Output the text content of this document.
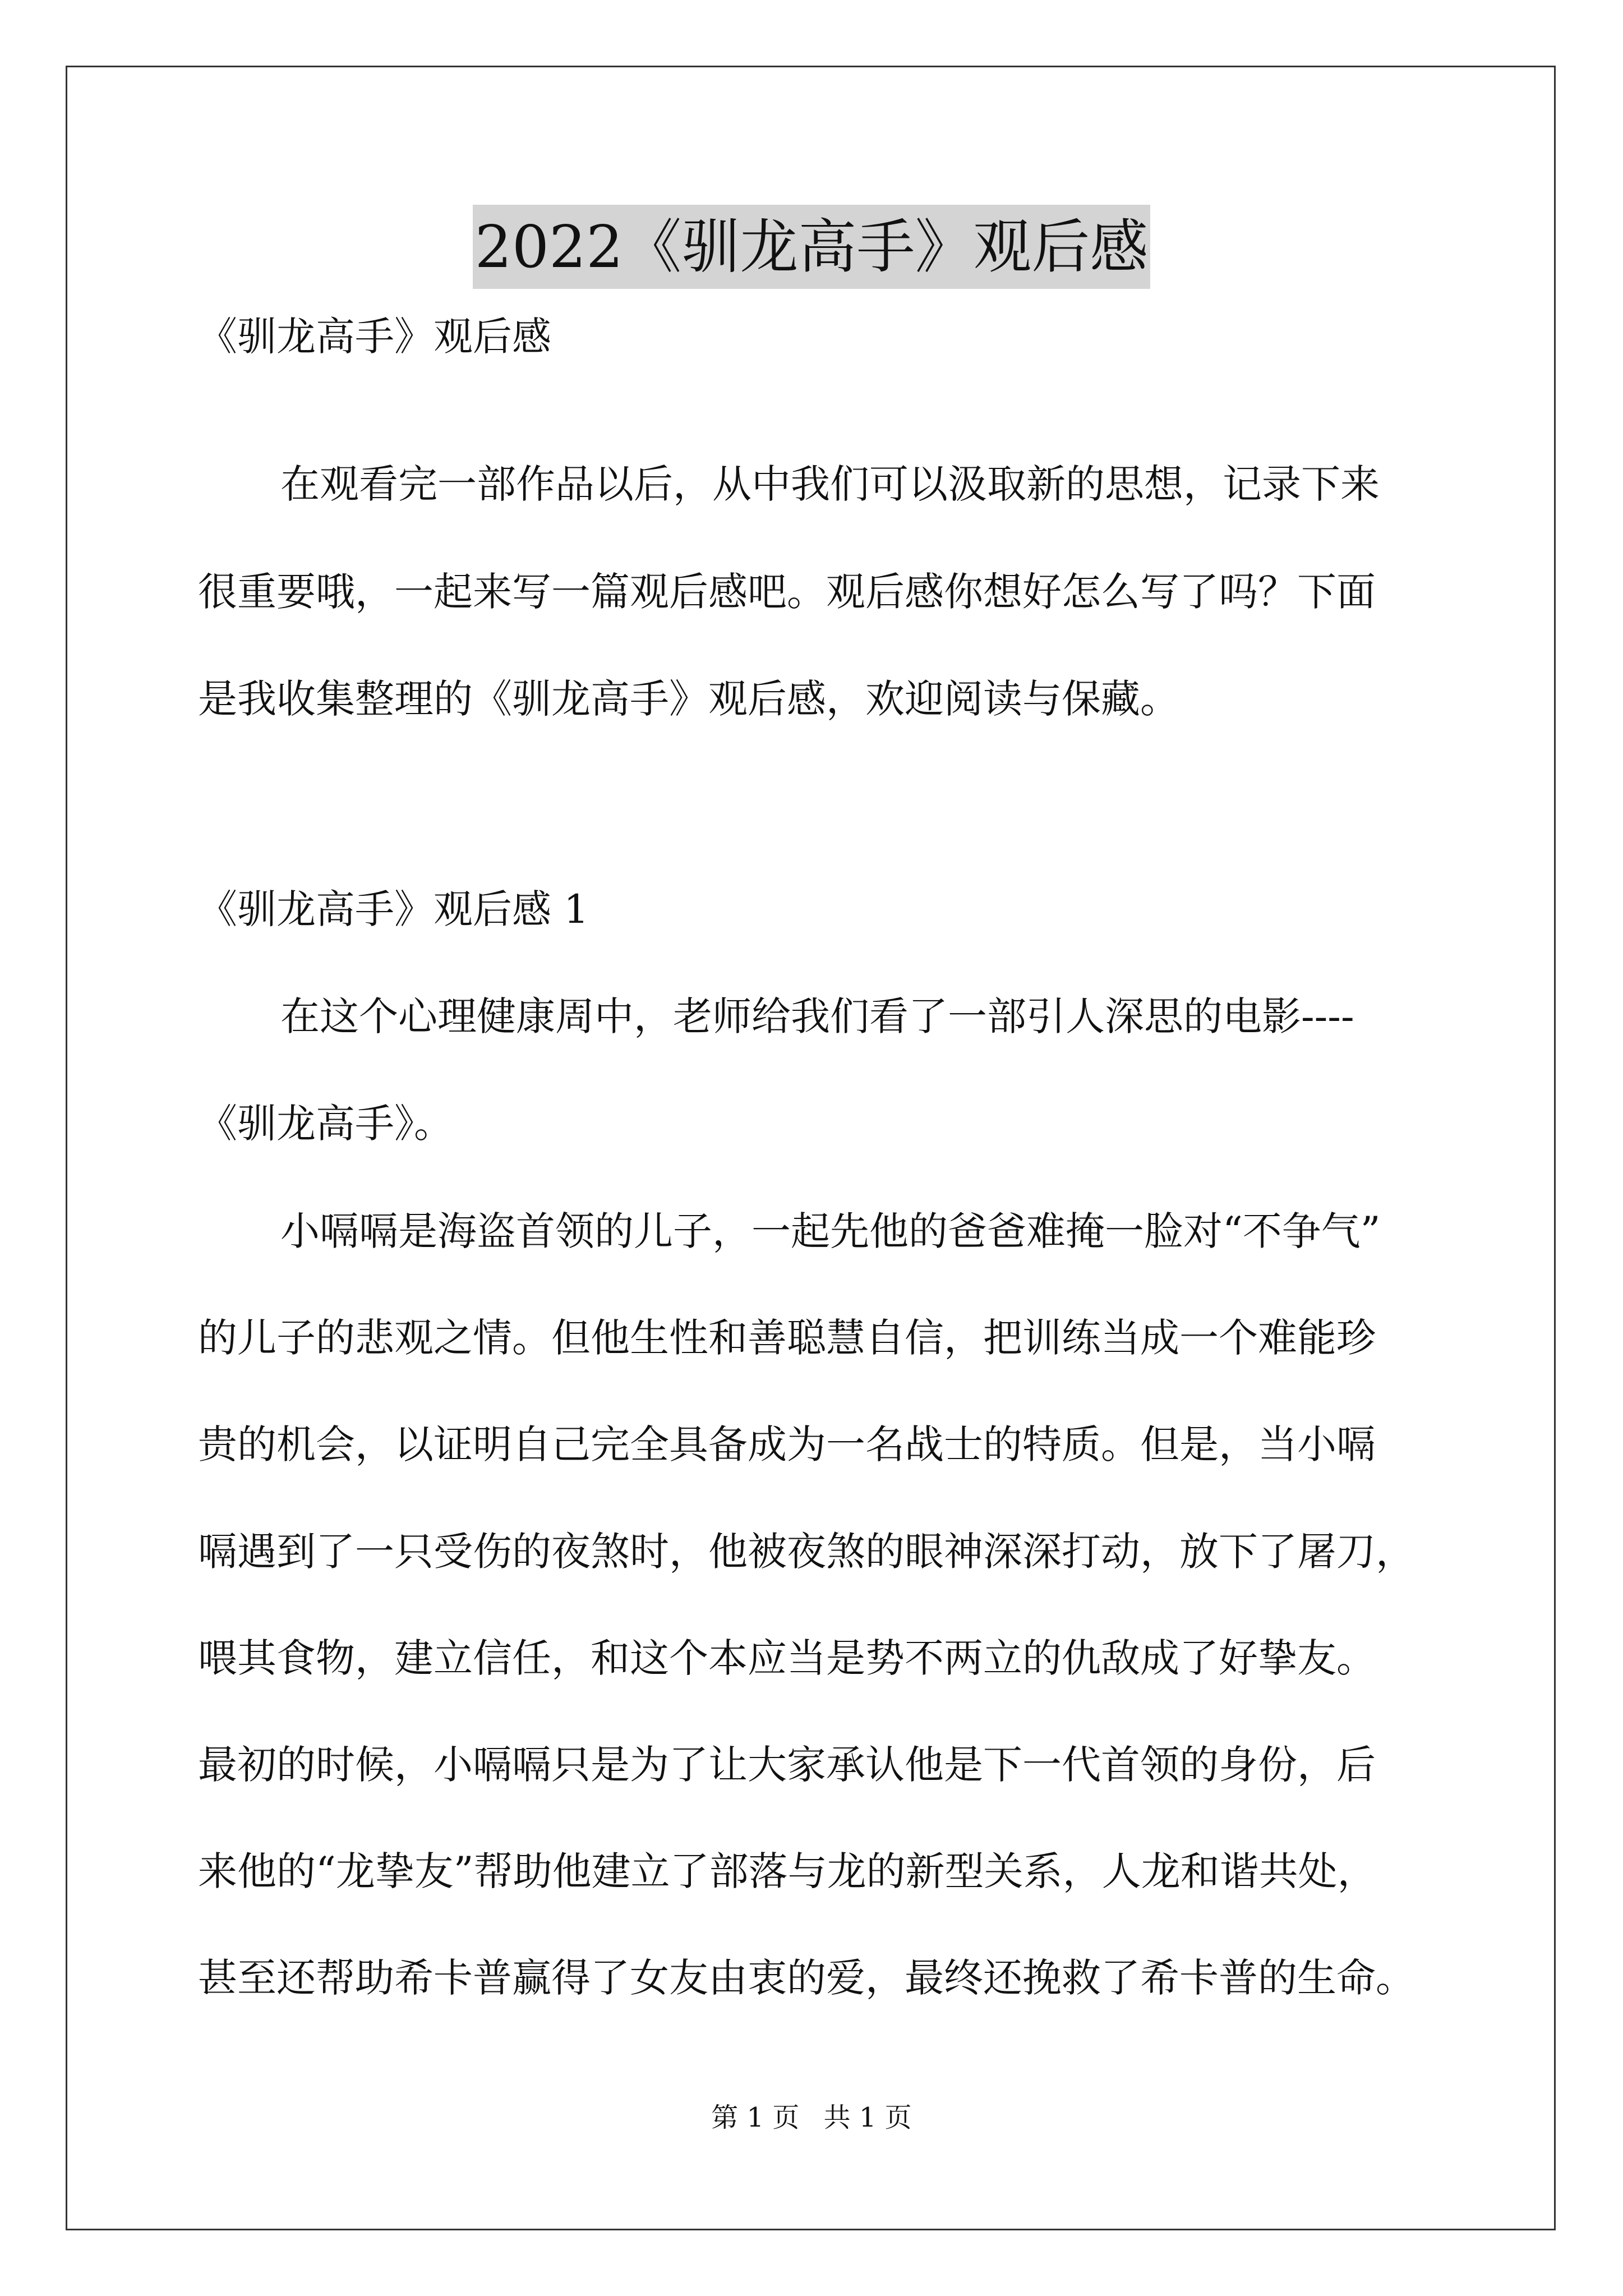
2022《驯龙高手》观后感
《驯龙高手》观后感
在观看完一部作品以后，从中我们可以汲取新的思想，记录下来
很重要哦，一起来写一篇观后感吧。观后感你想好怎么写了吗？下面
是我收集整理的《驯龙高手》观后感，欢迎阅读与保藏。
《驯龙高手》观后感 1
在这个心理健康周中，老师给我们看了一部引人深思的电影----
《驯龙高手》。
小嗝嗝是海盗首领的儿子，一起先他的爸爸难掩一脸对“不争气”
的儿子的悲观之情。但他生性和善聪慧自信，把训练当成一个难能珍
贵的机会，以证明自己完全具备成为一名战士的特质。但是，当小嗝
嗝遇到了一只受伤的夜煞时，他被夜煞的眼神深深打动，放下了屠刀，
喂其食物，建立信任，和这个本应当是势不两立的仇敌成了好挚友。
最初的时候，小嗝嗝只是为了让大家承认他是下一代首领的身份，后
来他的“龙挚友”帮助他建立了部落与龙的新型关系，人龙和谐共处，
甚至还帮助希卡普赢得了女友由衷的爱，最终还挽救了希卡普的生命。
第 1 页 共 1 页
